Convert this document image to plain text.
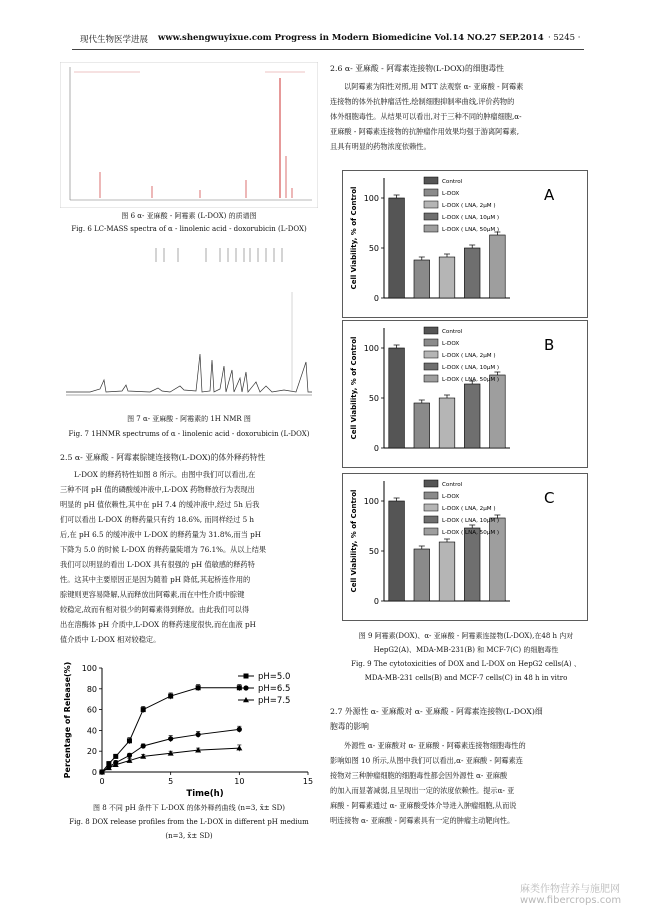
现代生物医学进展 www.shengwuyixue.com Progress in Modern Biomedicine Vol.14 NO.27 SEP.2014 · 5245 ·
图 6 α- 亚麻酸 - 阿霉素 (L-DOX) 的质谱图
Fig. 6 LC-MASS spectra of α - linolenic acid - doxorubicin (L-DOX)
图 7 α- 亚麻酸 - 阿霉素的 1H NMR 图
Fig. 7 1HNMR spectrums of α - linolenic acid - doxorubicin (L-DOX)
2.5 α- 亚麻酸 - 阿霉素腙键连接物(L-DOX)的体外释药特性
L-DOX 的释药特性如图 8 所示。由图中我们可以看出,在
三种不同 pH 值的磷酸缓冲液中,L-DOX 药物释放行为表现出
明显的 pH 值依赖性,其中在 pH 7.4 的缓冲液中,经过 5h 后我
们可以看出 L-DOX 的释药量只有约 18.6%, 而同样经过 5 h
后,在 pH 6.5 的缓冲液中 L-DOX 的释药量为 31.8%,而当 pH
下降为 5.0 的时候 L-DOX 的释药量陡增为 76.1%。从以上结果
我们可以明显的看出 L-DOX 具有很强的 pH 值敏感的释药特
性。这其中主要原因正是因为随着 pH 降低,其起桥连作用的
腙键则更容易降解,从而释放出阿霉素,而在中性介质中腙键
较稳定,故而有相对很少的阿霉素得到释放。由此我们可以得
出在溶酶体 pH 介质中,L-DOX 的释药速度很快,而在血液 pH
值介质中 L-DOX 相对较稳定。
0
20
40
60
80
100
0	5	10	15
Time(h)
Percentage of Release(%)	pH=5.0
pH=6.5
pH=7.5
图 8 不同 pH 条件下 L-DOX 的体外释药曲线 (n=3, x̄± SD)
Fig. 8 DOX release profiles from the L-DOX in different pH medium
(n=3, x̄± SD)
2.6 α- 亚麻酸 - 阿霉素连接物(L-DOX)的细胞毒性
以阿霉素为阳性对照,用 MTT 法观察 α- 亚麻酸 - 阿霉素
连接物的体外抗肿瘤活性,绘制细胞抑制率曲线,评价药物的
体外细胞毒性。从结果可以看出,对于三种不同的肿瘤细胞,α-
亚麻酸 - 阿霉素连接物的抗肿瘤作用效果均强于游离阿霉素,
且具有明显的药物浓度依赖性。
0
50
100
Cell Viability, % of Control
Control
L-DOX
L-DOX ( LNA, 2μM )
L-DOX ( LNA, 10μM )
L-DOX ( LNA, 50μM )
A
0
50
100
Cell Viability, % of Control
Control
L-DOX
L-DOX ( LNA, 2μM )
L-DOX ( LNA, 10μM )
L-DOX ( LNA, 50μM )
B
0
50
100
Cell Viability, % of Control
Control
L-DOX
L-DOX ( LNA, 2μM )
L-DOX ( LNA, 10μM )
L-DOX ( LNA, 50μM )
C
图 9 阿霉素(DOX)、α- 亚麻酸 - 阿霉素连接物(L-DOX),在48 h 内对
HepG2(A)、MDA-MB-231(B) 和 MCF-7(C) 的细胞毒性
Fig. 9 The cytotoxicities of DOX and L-DOX on HepG2 cells(A) 、
MDA-MB-231 cells(B) and MCF-7 cells(C) in 48 h in vitro
2.7 外源性 α- 亚麻酸对 α- 亚麻酸 - 阿霉素连接物(L-DOX)细
胞毒的影响
外源性 α- 亚麻酸对 α- 亚麻酸 - 阿霉素连接物细胞毒性的
影响如图 10 所示,从图中我们可以看出,α- 亚麻酸 - 阿霉素连
接物对三种肿瘤细胞的细胞毒性都会因外源性 α- 亚麻酸
的加入而显著减弱,且呈现出一定的浓度依赖性。提示α- 亚
麻酸 - 阿霉素通过 α- 亚麻酸受体介导进入肿瘤细胞,从而说
明连接物 α- 亚麻酸 - 阿霉素具有一定的肿瘤主动靶向性。
麻类作物营养与施肥网
www.fibercrops.com
